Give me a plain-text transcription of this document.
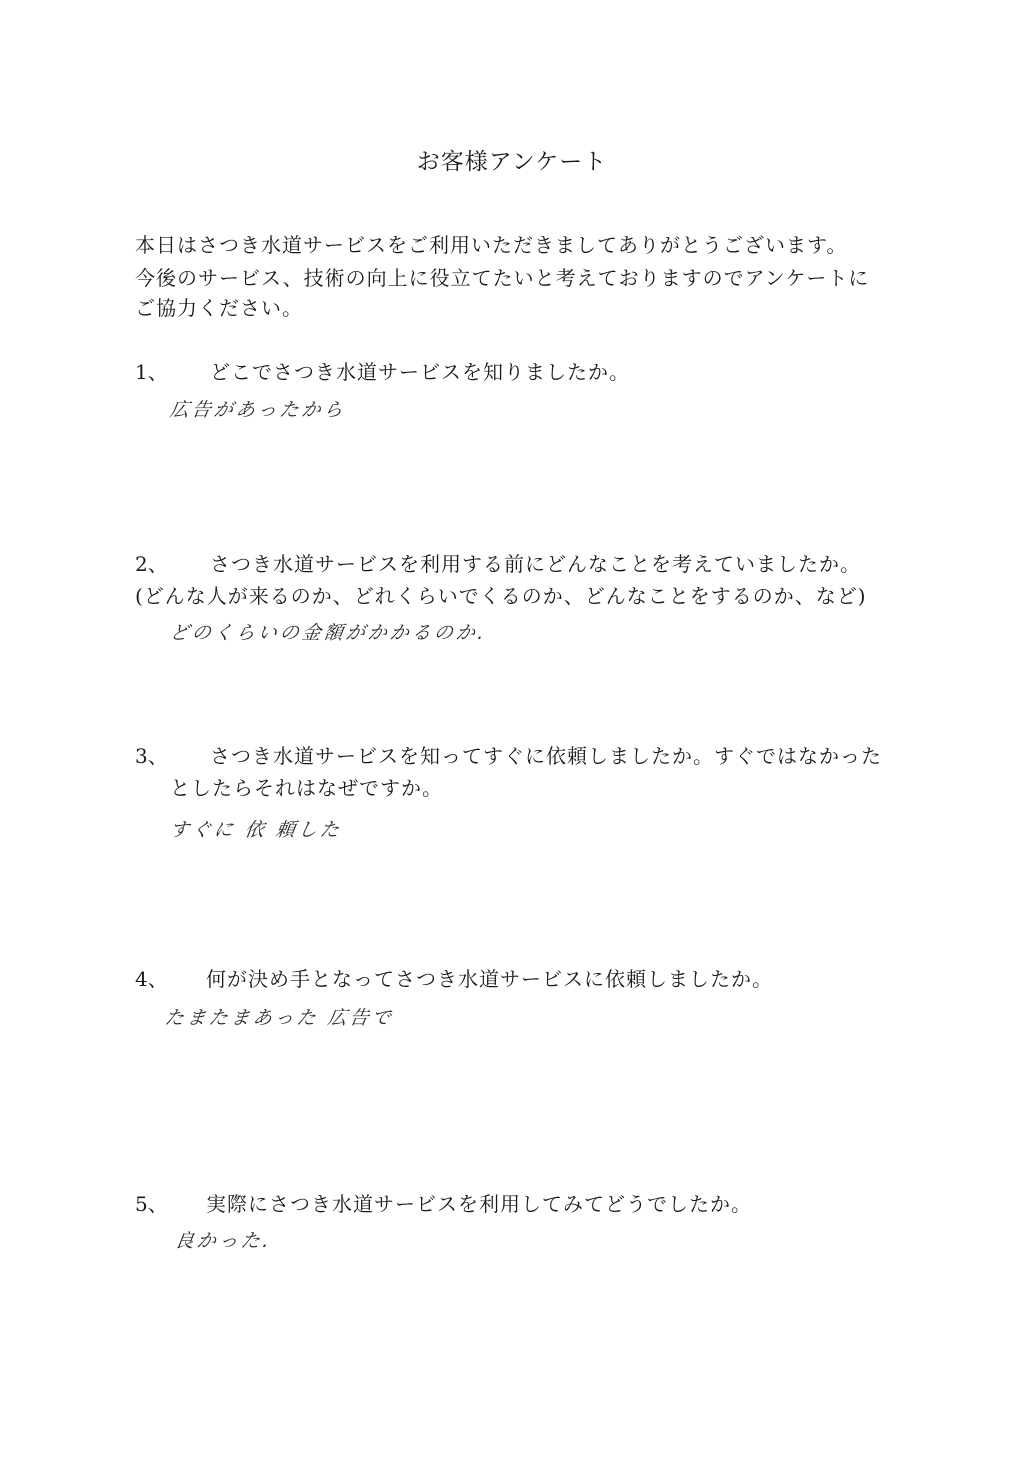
お客様アンケート
本日はさつき水道サービスをご利用いただきましてありがとうございます。
今後のサービス、技術の向上に役立てたいと考えておりますのでアンケートに
ご協力ください。
1、 どこでさつき水道サービスを知りましたか。
広告があったから
2、 さつき水道サービスを利用する前にどんなことを考えていましたか。
(どんな人が来るのか、どれくらいでくるのか、どんなことをするのか、など)
どのくらいの金額がかかるのか.
3、 さつき水道サービスを知ってすぐに依頼しましたか。すぐではなかった
としたらそれはなぜですか。
すぐに 依 頼した
4、 何が決め手となってさつき水道サービスに依頼しましたか。
たまたまあった 広告で
5、 実際にさつき水道サービスを利用してみてどうでしたか。
良かった.
